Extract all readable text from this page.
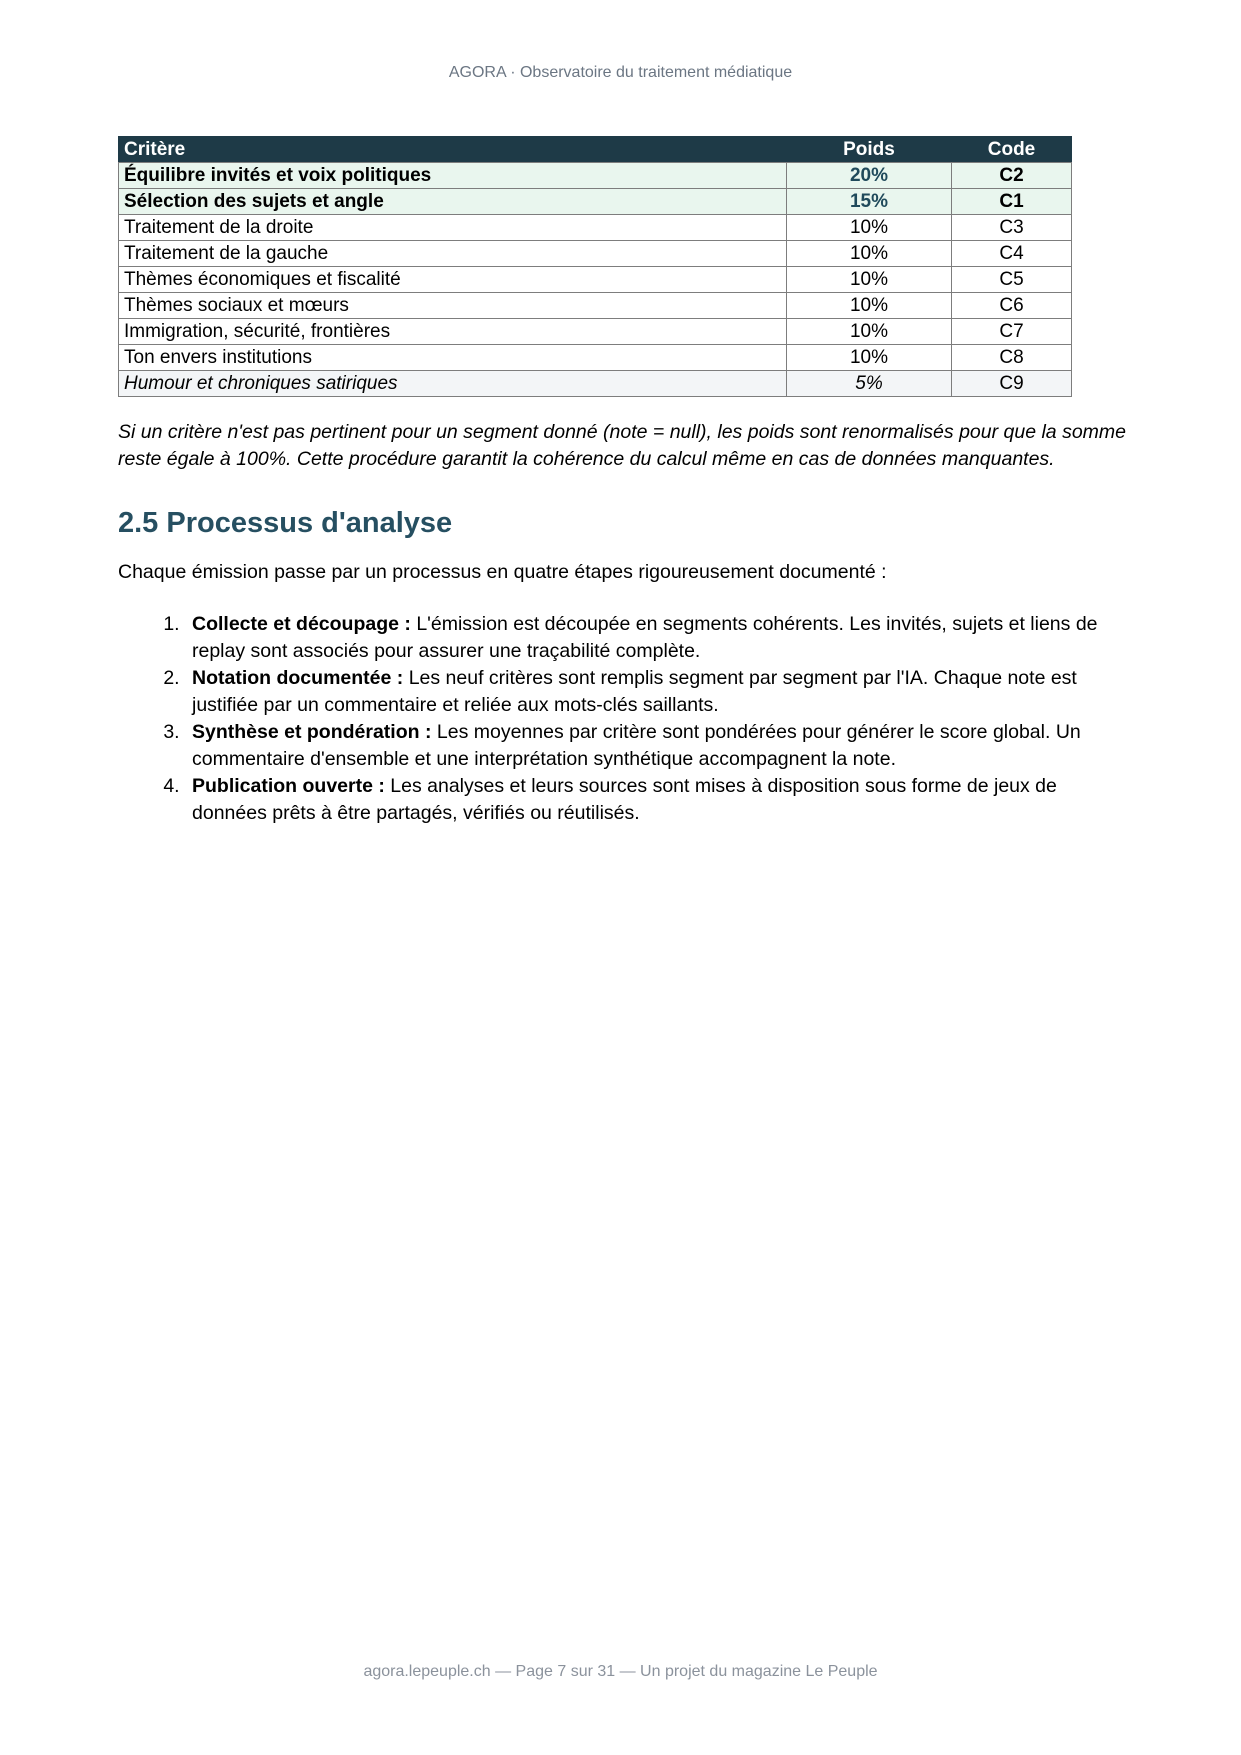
AGORA · Observatoire du traitement médiatique
Critère	Poids	Code
Équilibre invités et voix politiques	20%	C2
Sélection des sujets et angle	15%	C1
Traitement de la droite	10%	C3
Traitement de la gauche	10%	C4
Thèmes économiques et fiscalité	10%	C5
Thèmes sociaux et mœurs	10%	C6
Immigration, sécurité, frontières	10%	C7
Ton envers institutions	10%	C8
Humour et chroniques satiriques	5%	C9

Si un critère n'est pas pertinent pour un segment donné (note = null), les poids sont renormalisés pour que la somme reste égale à 100%. Cette procédure garantit la cohérence du calcul même en cas de données manquantes.

2.5 Processus d'analyse

Chaque émission passe par un processus en quatre étapes rigoureusement documenté :

1. Collecte et découpage : L'émission est découpée en segments cohérents. Les invités, sujets et liens de replay sont associés pour assurer une traçabilité complète.
2. Notation documentée : Les neuf critères sont remplis segment par segment par l'IA. Chaque note est justifiée par un commentaire et reliée aux mots-clés saillants.
3. Synthèse et pondération : Les moyennes par critère sont pondérées pour générer le score global. Un commentaire d'ensemble et une interprétation synthétique accompagnent la note.
4. Publication ouverte : Les analyses et leurs sources sont mises à disposition sous forme de jeux de données prêts à être partagés, vérifiés ou réutilisés.
agora.lepeuple.ch — Page 7 sur 31 — Un projet du magazine Le Peuple
